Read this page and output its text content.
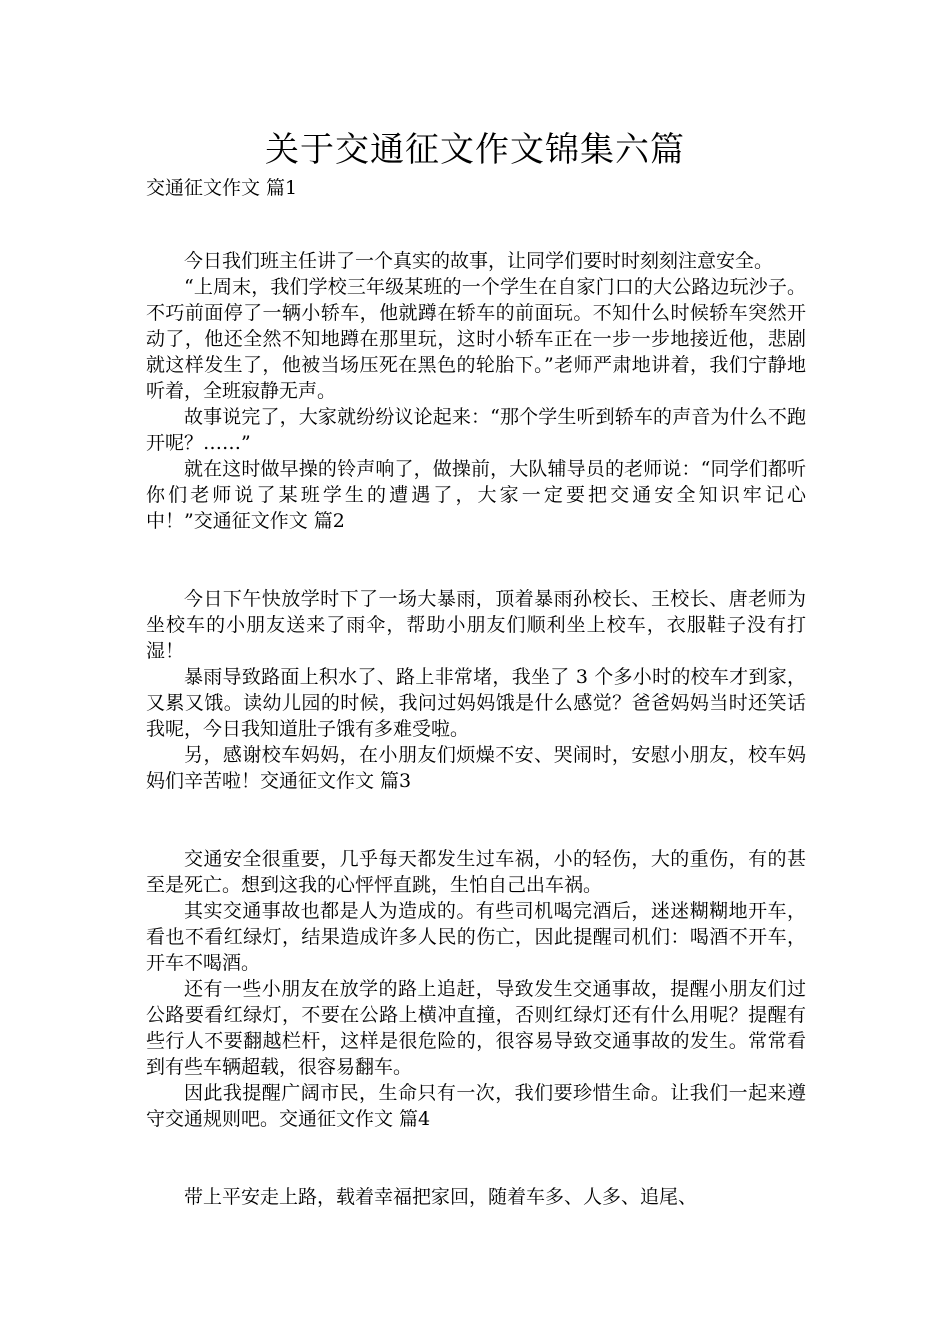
关于交通征文作文锦集六篇
交通征文作文 篇1

今日我们班主任讲了一个真实的故事，让同学们要时时刻刻注意安全。

“上周末，我们学校三年级某班的一个学生在自家门口的大公路边玩沙子。不巧前面停了一辆小轿车，他就蹲在轿车的前面玩。不知什么时候轿车突然开动了，他还全然不知地蹲在那里玩，这时小轿车正在一步一步地接近他，悲剧就这样发生了，他被当场压死在黑色的轮胎下。”老师严肃地讲着，我们宁静地听着，全班寂静无声。

故事说完了，大家就纷纷议论起来：“那个学生听到轿车的声音为什么不跑开呢？……”

就在这时做早操的铃声响了，做操前，大队辅导员的老师说：“同学们都听你们老师说了某班学生的遭遇了，大家一定要把交通安全知识牢记心中！”交通征文作文 篇2

今日下午快放学时下了一场大暴雨，顶着暴雨孙校长、王校长、唐老师为坐校车的小朋友送来了雨伞，帮助小朋友们顺利坐上校车，衣服鞋子没有打湿！

暴雨导致路面上积水了、路上非常堵，我坐了 3 个多小时的校车才到家，又累又饿。读幼儿园的时候，我问过妈妈饿是什么感觉？爸爸妈妈当时还笑话我呢，今日我知道肚子饿有多难受啦。

另，感谢校车妈妈，在小朋友们烦燥不安、哭闹时，安慰小朋友，校车妈妈们辛苦啦！交通征文作文 篇3

交通安全很重要，几乎每天都发生过车祸，小的轻伤，大的重伤，有的甚至是死亡。想到这我的心怦怦直跳，生怕自己出车祸。

其实交通事故也都是人为造成的。有些司机喝完酒后，迷迷糊糊地开车，看也不看红绿灯，结果造成许多人民的伤亡，因此提醒司机们：喝酒不开车，开车不喝酒。

还有一些小朋友在放学的路上追赶，导致发生交通事故，提醒小朋友们过公路要看红绿灯，不要在公路上横冲直撞，否则红绿灯还有什么用呢？提醒有些行人不要翻越栏杆，这样是很危险的，很容易导致交通事故的发生。常常看到有些车辆超载，很容易翻车。

因此我提醒广阔市民，生命只有一次，我们要珍惜生命。让我们一起来遵守交通规则吧。交通征文作文 篇4

带上平安走上路，载着幸福把家回，随着车多、人多、追尾、
